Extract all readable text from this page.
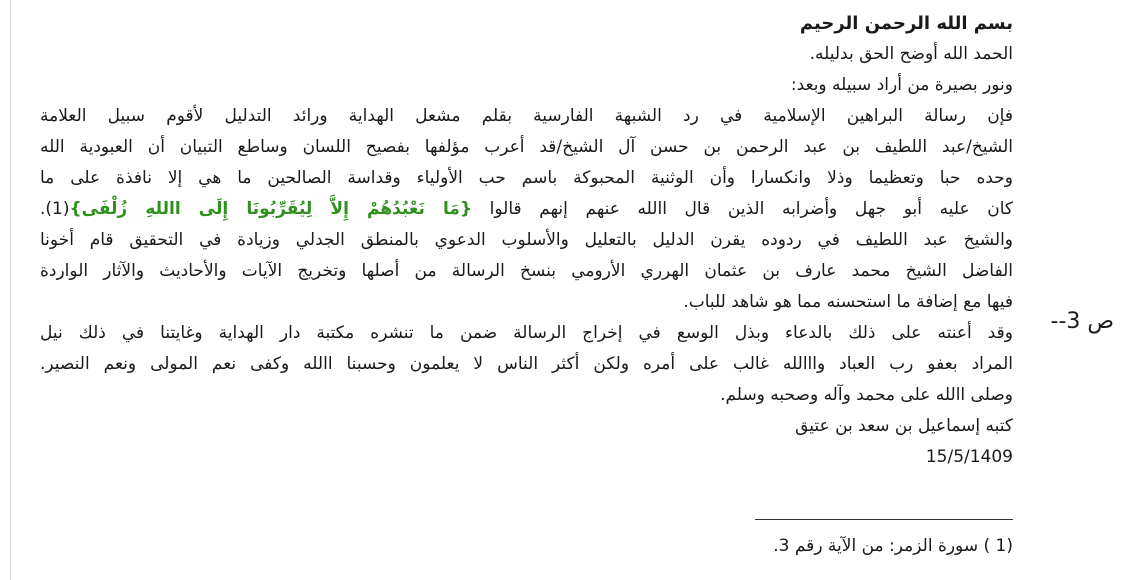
بسم الله الرحمن الرحيم
الحمد الله أوضح الحق بدليله.
ونور بصيرة من أراد سبيله وبعد:
فإن رسالة البراهين الإسلامية في رد الشبهة الفارسية بقلم مشعل الهداية ورائد التدليل لأقوم سبيل العلامة
الشيخ/عبد اللطيف بن عبد الرحمن بن حسن آل الشيخ/قد أعرب مؤلفها بفصيح اللسان وساطع التبيان أن العبودية الله
وحده حبا وتعظيما وذلا وانكسارا وأن الوثنية المحبوكة باسم حب الأولياء وقداسة الصالحين ما هي إلا نافذة على ما
كان عليه أبو جهل وأضرابه الذين قال االله عنهم إنهم قالوا {مَا نَعْبُدُهُمْ إِلاَّ لِيُقَرِّبُونَا إِلَى االلهِ زُلْفَى}(1).
والشيخ عبد اللطيف في ردوده يقرن الدليل بالتعليل والأسلوب الدعوي بالمنطق الجدلي وزيادة في التحقيق قام أخونا
الفاضل الشيخ محمد عارف بن عثمان الهرري الأرومي بنسخ الرسالة من أصلها وتخريج الآيات والأحاديث والآثار الواردة
فيها مع إضافة ما استحسنه مما هو شاهد للباب.
وقد أعنته على ذلك بالدعاء وبذل الوسع في إخراج الرسالة ضمن ما تنشره مكتبة دار الهداية وغايتنا في ذلك نيل
المراد بعفو رب العباد وااالله غالب على أمره ولكن أكثر الناس لا يعلمون وحسبنا االله وكفى نعم المولى ونعم النصير.
وصلى االله على محمد وآله وصحبه وسلم.
كتبه إسماعيل بن سعد بن عتيق
15/5/1409
ص 3--
(1 ) سورة الزمر: من الآية رقم 3.
